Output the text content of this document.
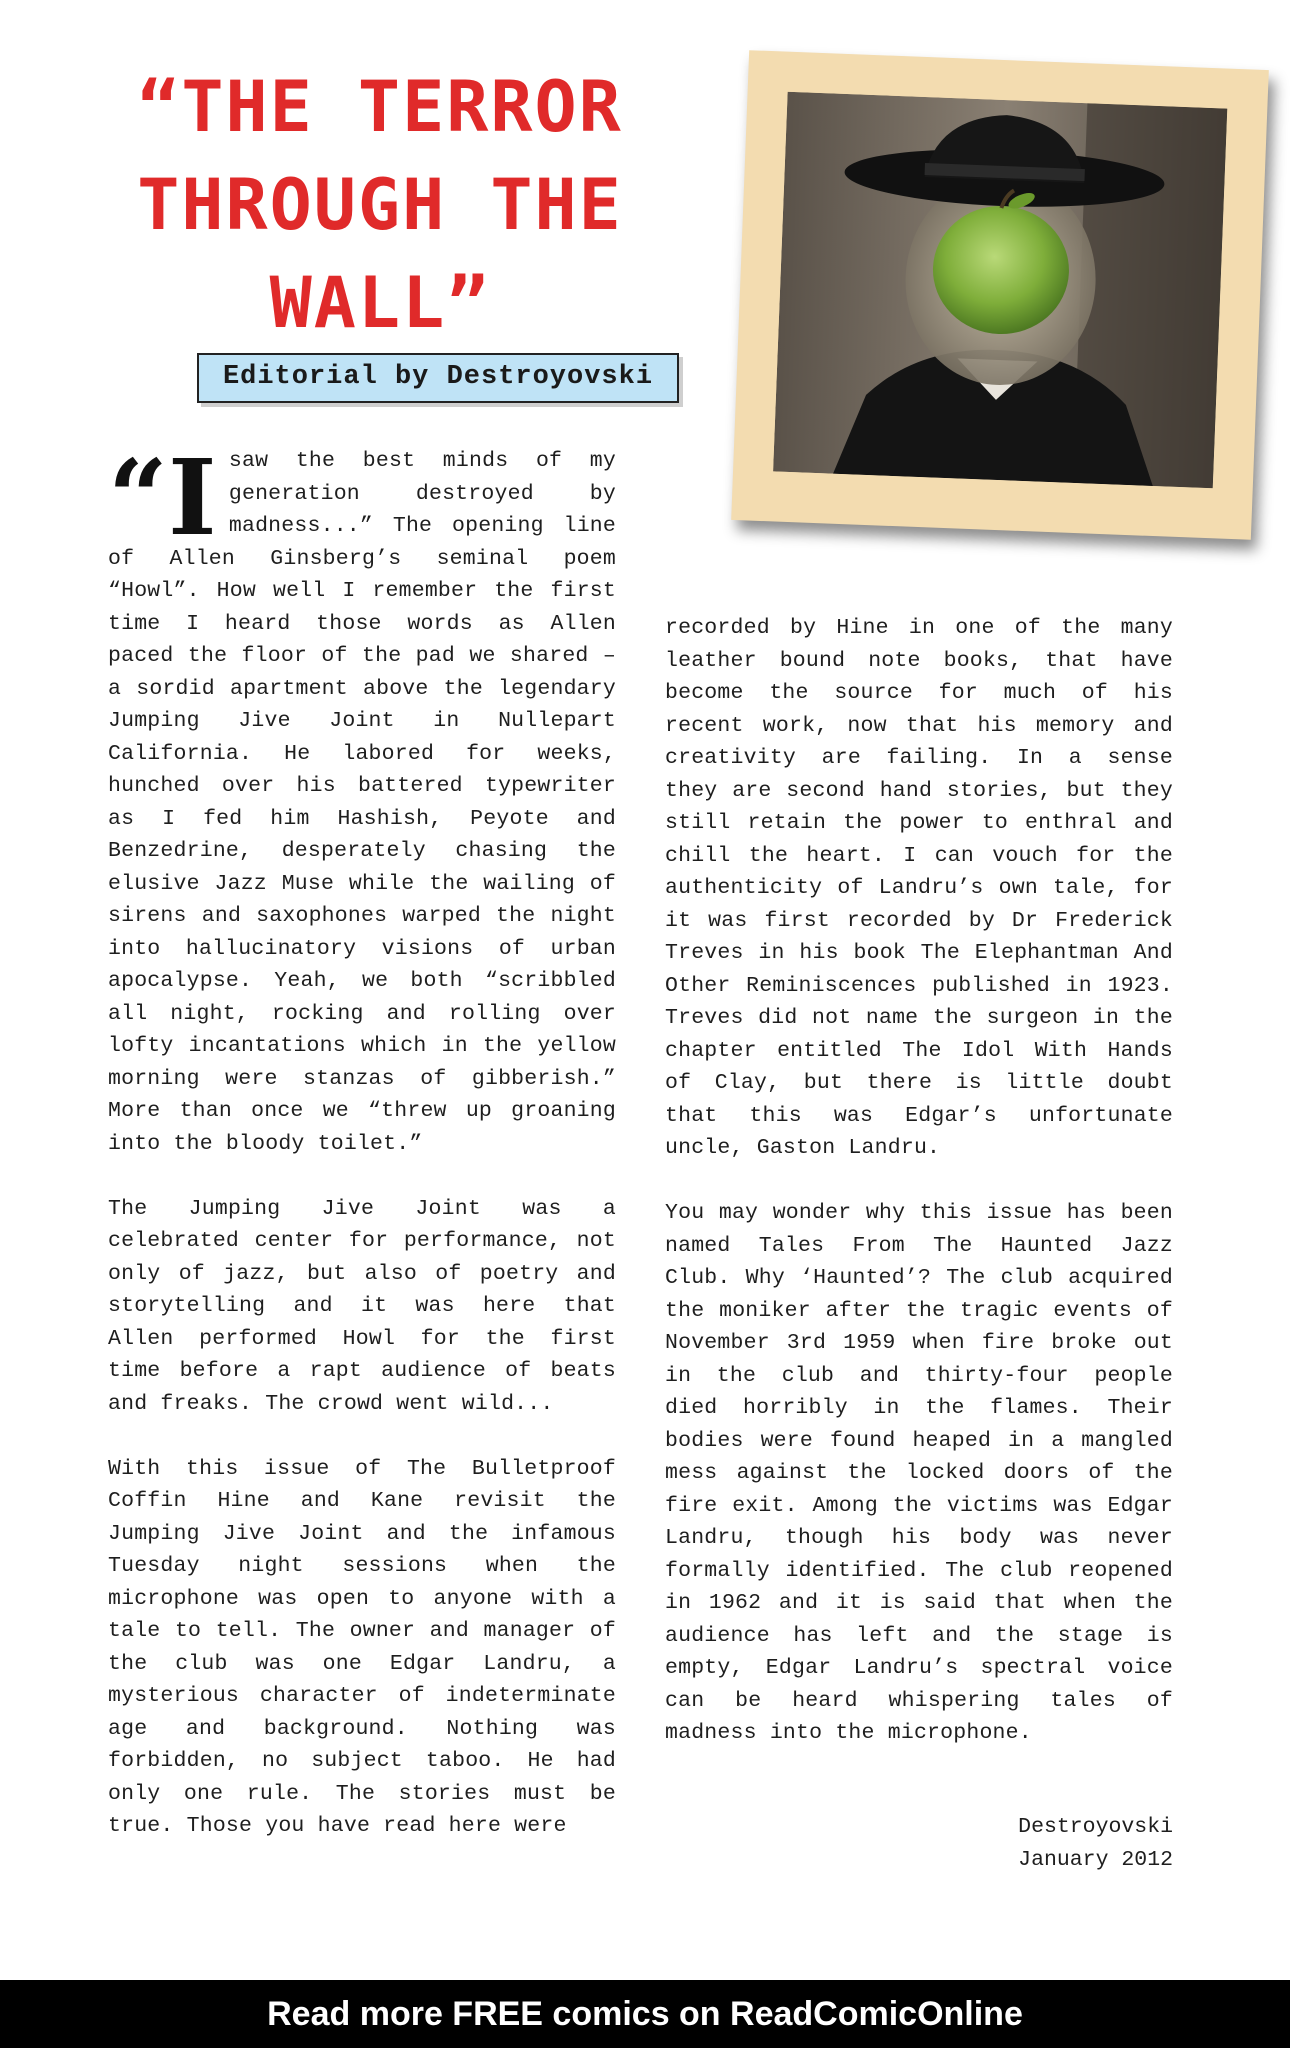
“THE TERROR
THROUGH THE
WALL”
Editorial by Destroyovski

“Isaw the best minds of my generation destroyed by madness...” The opening line of Allen Ginsberg’s seminal poem “Howl”. How well I remember the first time I heard those words as Allen paced the floor of the pad we shared – a sordid apartment above the legendary Jumping Jive Joint in Nullepart California. He labored for weeks, hunched over his battered typewriter as I fed him Hashish, Peyote and Benzedrine, desperately chasing the elusive Jazz Muse while the wailing of sirens and saxophones warped the night into hallucinatory visions of urban apocalypse. Yeah, we both “scribbled all night, rocking and rolling over lofty incantations which in the yellow morning were stanzas of gibberish.” More than once we “threw up groaning into the bloody toilet.”

The Jumping Jive Joint was a celebrated center for performance, not only of jazz, but also of poetry and storytelling and it was here that Allen performed Howl for the first time before a rapt audience of beats and freaks. The crowd went wild...

With this issue of The Bulletproof Coffin Hine and Kane revisit the Jumping Jive Joint and the infamous Tuesday night sessions when the microphone was open to anyone with a tale to tell. The owner and manager of the club was one Edgar Landru, a mysterious character of indeterminate age and background. Nothing was forbidden, no subject taboo. He had only one rule. The stories must be true. Those you have read here were

recorded by Hine in one of the many leather bound note books, that have become the source for much of his recent work, now that his memory and creativity are failing. In a sense they are second hand stories, but they still retain the power to enthral and chill the heart. I can vouch for the authenticity of Landru’s own tale, for it was first recorded by Dr Frederick Treves in his book The Elephantman And Other Reminiscences published in 1923. Treves did not name the surgeon in the chapter entitled The Idol With Hands of Clay, but there is little doubt that this was Edgar’s unfortunate uncle, Gaston Landru.

You may wonder why this issue has been named Tales From The Haunted Jazz Club. Why ‘Haunted’? The club acquired the moniker after the tragic events of November 3rd 1959 when fire broke out in the club and thirty-four people died horribly in the flames. Their bodies were found heaped in a mangled mess against the locked doors of the fire exit. Among the victims was Edgar Landru, though his body was never formally identified. The club reopened in 1962 and it is said that when the audience has left and the stage is empty, Edgar Landru’s spectral voice can be heard whispering tales of madness into the microphone.

Destroyovski
January 2012
Read more FREE comics on ReadComicOnline
